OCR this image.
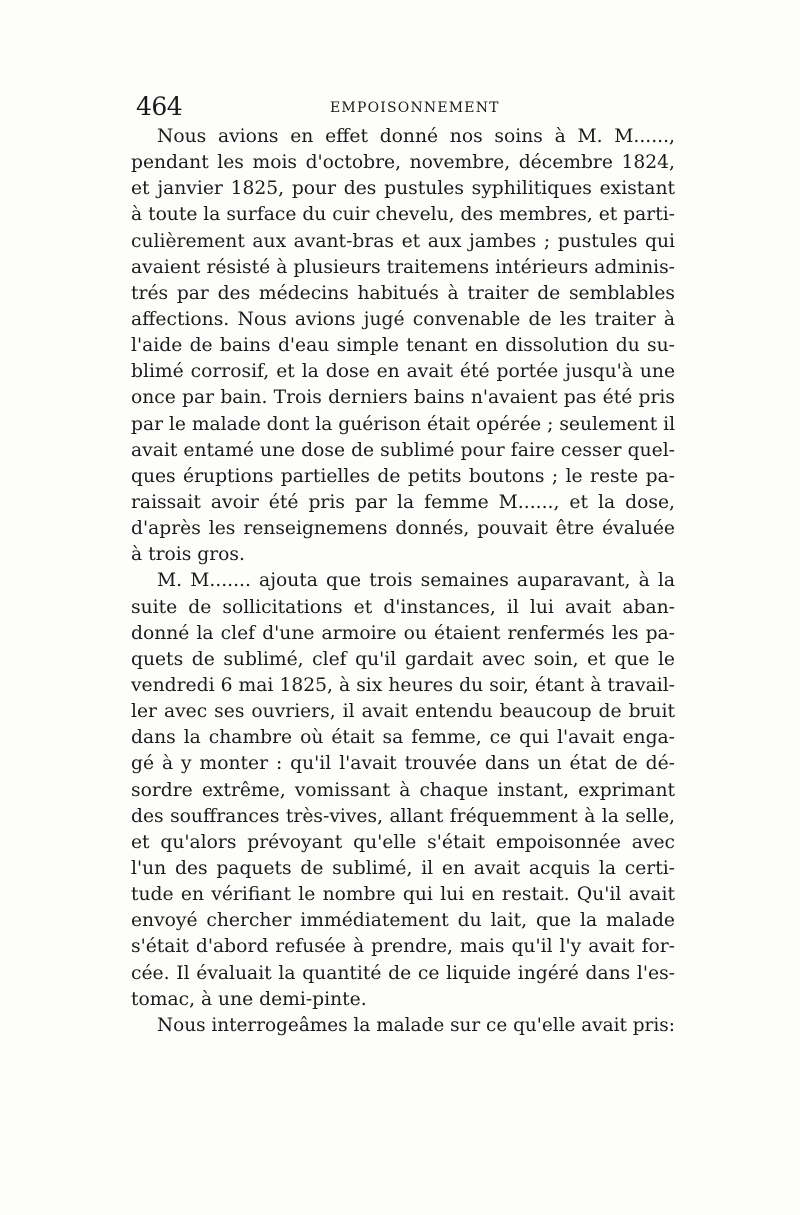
464	EMPOISONNEMENT
Nous avions en effet donné nos soins à M. M......,
pendant les mois d'octobre, novembre, décembre 1824,
et janvier 1825, pour des pustules syphilitiques existant
à toute la surface du cuir chevelu, des membres, et parti-
culièrement aux avant-bras et aux jambes ; pustules qui
avaient résisté à plusieurs traitemens intérieurs adminis-
trés par des médecins habitués à traiter de semblables
affections. Nous avions jugé convenable de les traiter à
l'aide de bains d'eau simple tenant en dissolution du su-
blimé corrosif, et la dose en avait été portée jusqu'à une
once par bain. Trois derniers bains n'avaient pas été pris
par le malade dont la guérison était opérée ; seulement il
avait entamé une dose de sublimé pour faire cesser quel-
ques éruptions partielles de petits boutons ; le reste pa-
raissait avoir été pris par la femme M......, et la dose,
d'après les renseignemens donnés, pouvait être évaluée
à trois gros.
M. M....... ajouta que trois semaines auparavant, à la
suite de sollicitations et d'instances, il lui avait aban-
donné la clef d'une armoire ou étaient renfermés les pa-
quets de sublimé, clef qu'il gardait avec soin, et que le
vendredi 6 mai 1825, à six heures du soir, étant à travail-
ler avec ses ouvriers, il avait entendu beaucoup de bruit
dans la chambre où était sa femme, ce qui l'avait enga-
gé à y monter : qu'il l'avait trouvée dans un état de dé-
sordre extrême, vomissant à chaque instant, exprimant
des souffrances très-vives, allant fréquemment à la selle,
et qu'alors prévoyant qu'elle s'était empoisonnée avec
l'un des paquets de sublimé, il en avait acquis la certi-
tude en vérifiant le nombre qui lui en restait. Qu'il avait
envoyé chercher immédiatement du lait, que la malade
s'était d'abord refusée à prendre, mais qu'il l'y avait for-
cée. Il évaluait la quantité de ce liquide ingéré dans l'es-
tomac, à une demi-pinte.
Nous interrogeâmes la malade sur ce qu'elle avait pris:
